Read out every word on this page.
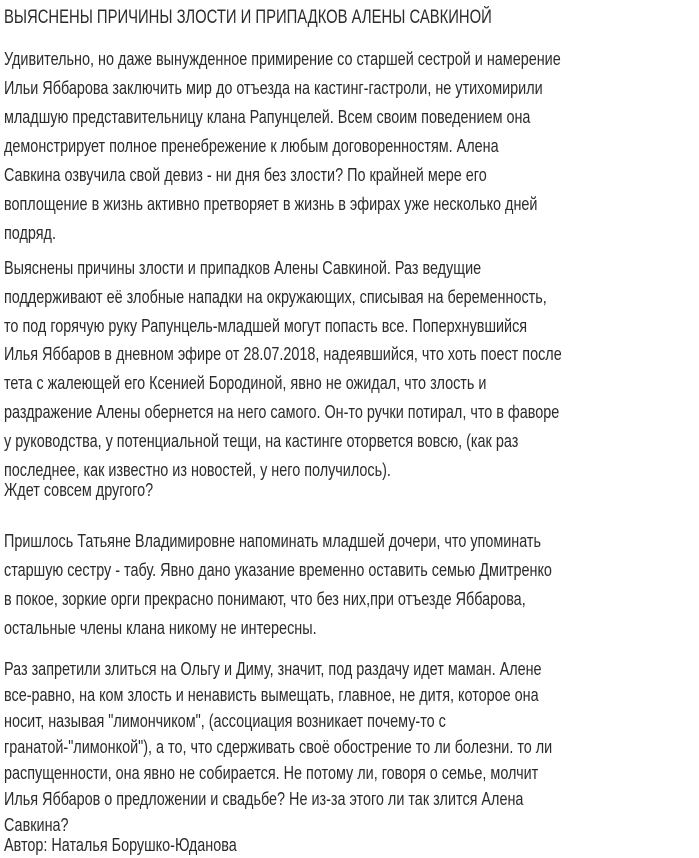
ВЫЯСНЕНЫ ПРИЧИНЫ ЗЛОСТИ И ПРИПАДКОВ АЛЕНЫ САВКИНОЙ
Удивительно, но даже вынужденное примирение со старшей сестрой и намерение
Ильи Яббарова заключить мир до отъезда на кастинг-гастроли, не утихомирили
младшую представительницу клана Рапунцелей. Всем своим поведением она
демонстрирует полное пренебрежение к любым договоренностям. Алена
Савкина озвучила свой девиз - ни дня без злости? По крайней мере его
воплощение в жизнь активно претворяет в жизнь в эфирах уже несколько дней
подряд.
Выяснены причины злости и припадков Алены Савкиной. Раз ведущие
поддерживают её злобные нападки на окружающих, списывая на беременность,
то под горячую руку Рапунцель-младшей могут попасть все. Поперхнувшийся
Илья Яббаров в дневном эфире от 28.07.2018, надеявшийся, что хоть поест после
тета с жалеющей его Ксенией Бородиной, явно не ожидал, что злость и
раздражение Алены обернется на него самого. Он-то ручки потирал, что в фаворе
у руководства, у потенциальной тещи, на кастинге оторвется вовсю, (как раз
последнее, как известно из новостей, у него получилось).
Ждет совсем другого?
Пришлось Татьяне Владимировне напоминать младшей дочери, что упоминать
старшую сестру - табу. Явно дано указание временно оставить семью Дмитренко
в покое, зоркие орги прекрасно понимают, что без них,при отъезде Яббарова,
остальные члены клана никому не интересны.
Раз запретили злиться на Ольгу и Диму, значит, под раздачу идет маман. Алене
все-равно, на ком злость и ненависть вымещать, главное, не дитя, которое она
носит, называя "лимончиком", (ассоциация возникает почему-то с
гранатой-"лимонкой"), а то, что сдерживать своё обострение то ли болезни. то ли
распущенности, она явно не собирается. Не потому ли, говоря о семье, молчит
Илья Яббаров о предложении и свадьбе? Не из-за этого ли так злится Алена
Савкина?
Автор: Наталья Борушко-Юданова
